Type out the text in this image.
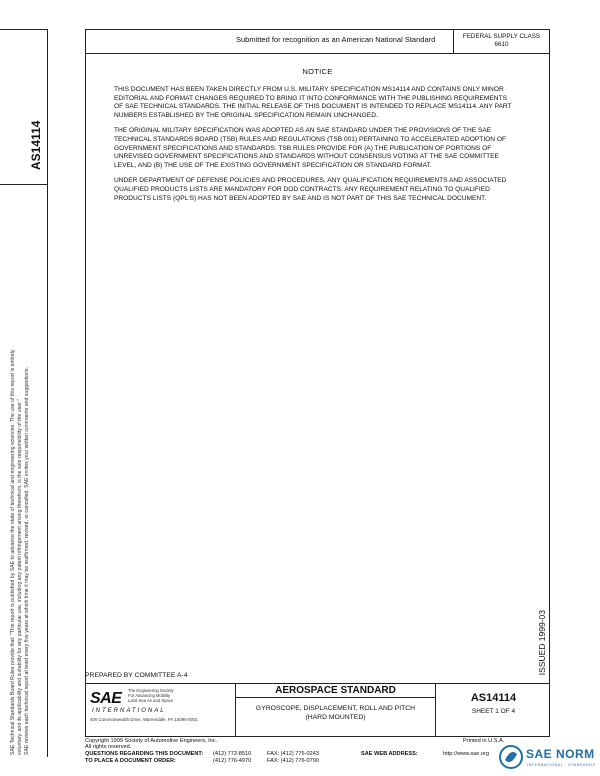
AS14114
SAE Technical Standards Board Rules provide that: "This report is published by SAE to advance the state of technical and engineering sciences. The use of this report is entirely voluntary, and its applicability and suitability for any particular use, including any patent infringement arising therefrom, is the sole responsibility of the user." SAE reviews each technical report at least every five years at which time it may be reaffirmed, revised, or cancelled. SAE invites your written comments and suggestions.
Submitted for recognition as an American National Standard	FEDERAL SUPPLY CLASS
6610
NOTICE

THIS DOCUMENT HAS BEEN TAKEN DIRECTLY FROM U.S. MILITARY SPECIFICATION MS14114 AND CONTAINS ONLY MINOR EDITORIAL AND FORMAT CHANGES REQUIRED TO BRING IT INTO CONFORMANCE WITH THE PUBLISHING REQUIREMENTS OF SAE TECHNICAL STANDARDS. THE INITIAL RELEASE OF THIS DOCUMENT IS INTENDED TO REPLACE MS14114. ANY PART NUMBERS ESTABLISHED BY THE ORIGINAL SPECIFICATION REMAIN UNCHANGED.

THE ORIGINAL MILITARY SPECIFICATION WAS ADOPTED AS AN SAE STANDARD UNDER THE PROVISIONS OF THE SAE TECHNICAL STANDARDS BOARD (TSB) RULES AND REGULATIONS (TSB 001) PERTAINING TO ACCELERATED ADOPTION OF GOVERNMENT SPECIFICATIONS AND STANDARDS. TSB RULES PROVIDE FOR (A) THE PUBLICATION OF PORTIONS OF UNREVISED GOVERNMENT SPECIFICATIONS AND STANDARDS WITHOUT CONSENSUS VOTING AT THE SAE COMMITTEE LEVEL, AND (B) THE USE OF THE EXISTING GOVERNMENT SPECIFICATION OR STANDARD FORMAT.

UNDER DEPARTMENT OF DEFENSE POLICIES AND PROCEDURES, ANY QUALIFICATION REQUIREMENTS AND ASSOCIATED QUALIFIED PRODUCTS LISTS ARE MANDATORY FOR DOD CONTRACTS. ANY REQUIREMENT RELATING TO QUALIFIED PRODUCTS LISTS (QPL'S) HAS NOT BEEN ADOPTED BY SAE AND IS NOT PART OF THIS SAE TECHNICAL DOCUMENT.

ISSUED 1999-03
PREPARED BY COMMITTEE A-4
SAE The Engineering Society
For Advancing Mobility
Land Sea Air and Space
INTERNATIONAL
400 Commonwealth Drive, Warrendale, PA 15096-0001
AEROSPACE STANDARD
GYROSCOPE, DISPLACEMENT, ROLL AND PITCH
(HARD MOUNTED)
AS14114
SHEET 1 OF 4
Copyright 1999 Society of Automotive Engineers, Inc.
All rights reserved.
Printed in U.S.A.
QUESTIONS REGARDING THIS DOCUMENT: (412) 772-8510	FAX: (412) 776-0243
TO PLACE A DOCUMENT ORDER:	(412) 776-4970	FAX: (412) 776-0790
SAE WEB ADDRESS:	http://www.sae.org	SAE NORM
INTERNATIONAL · STANDARDS
